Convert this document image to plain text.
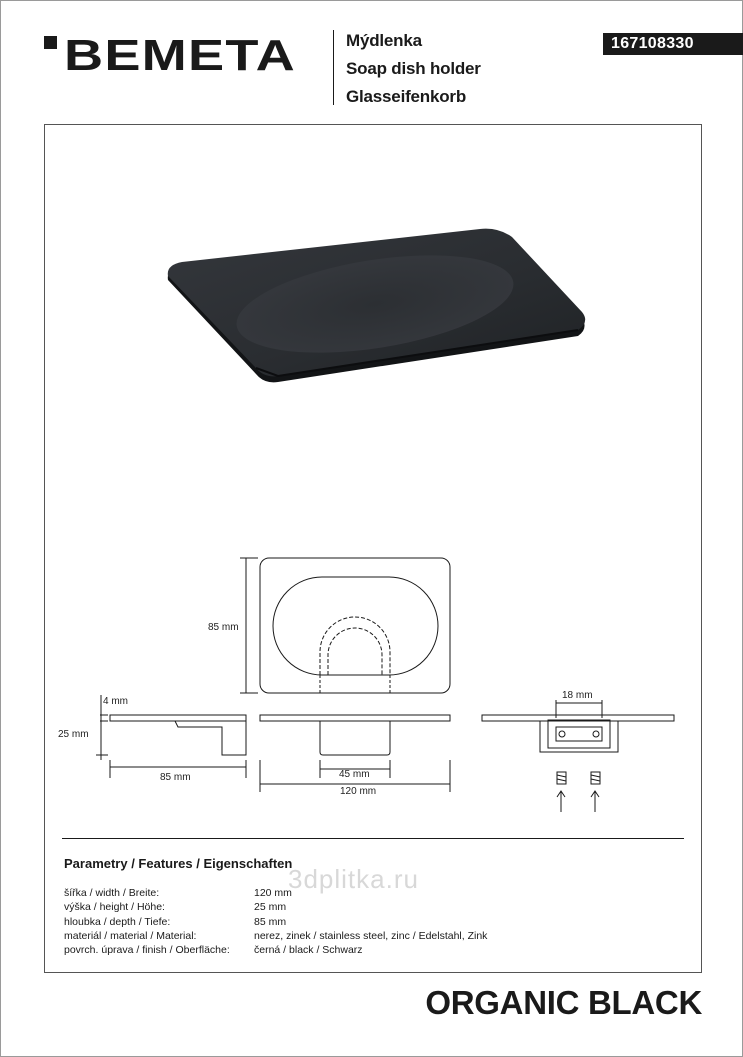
BEMETA	Mýdlenka
Soap dish holder
Glasseifenkorb
167108330
85 mm
4 mm
25 mm
85 mm	45 mm
120 mm
18 mm
Parametry / Features / Eigenschaften
3dplitka.ru
šířka / width / Breite:	120 mm
výška / height / Höhe:	25 mm
hloubka / depth / Tiefe:	85 mm
materiál / material / Material:	nerez, zinek / stainless steel, zinc / Edelstahl, Zink
povrch. úprava / finish / Oberfläche:	černá / black / Schwarz
ORGANIC BLACK
